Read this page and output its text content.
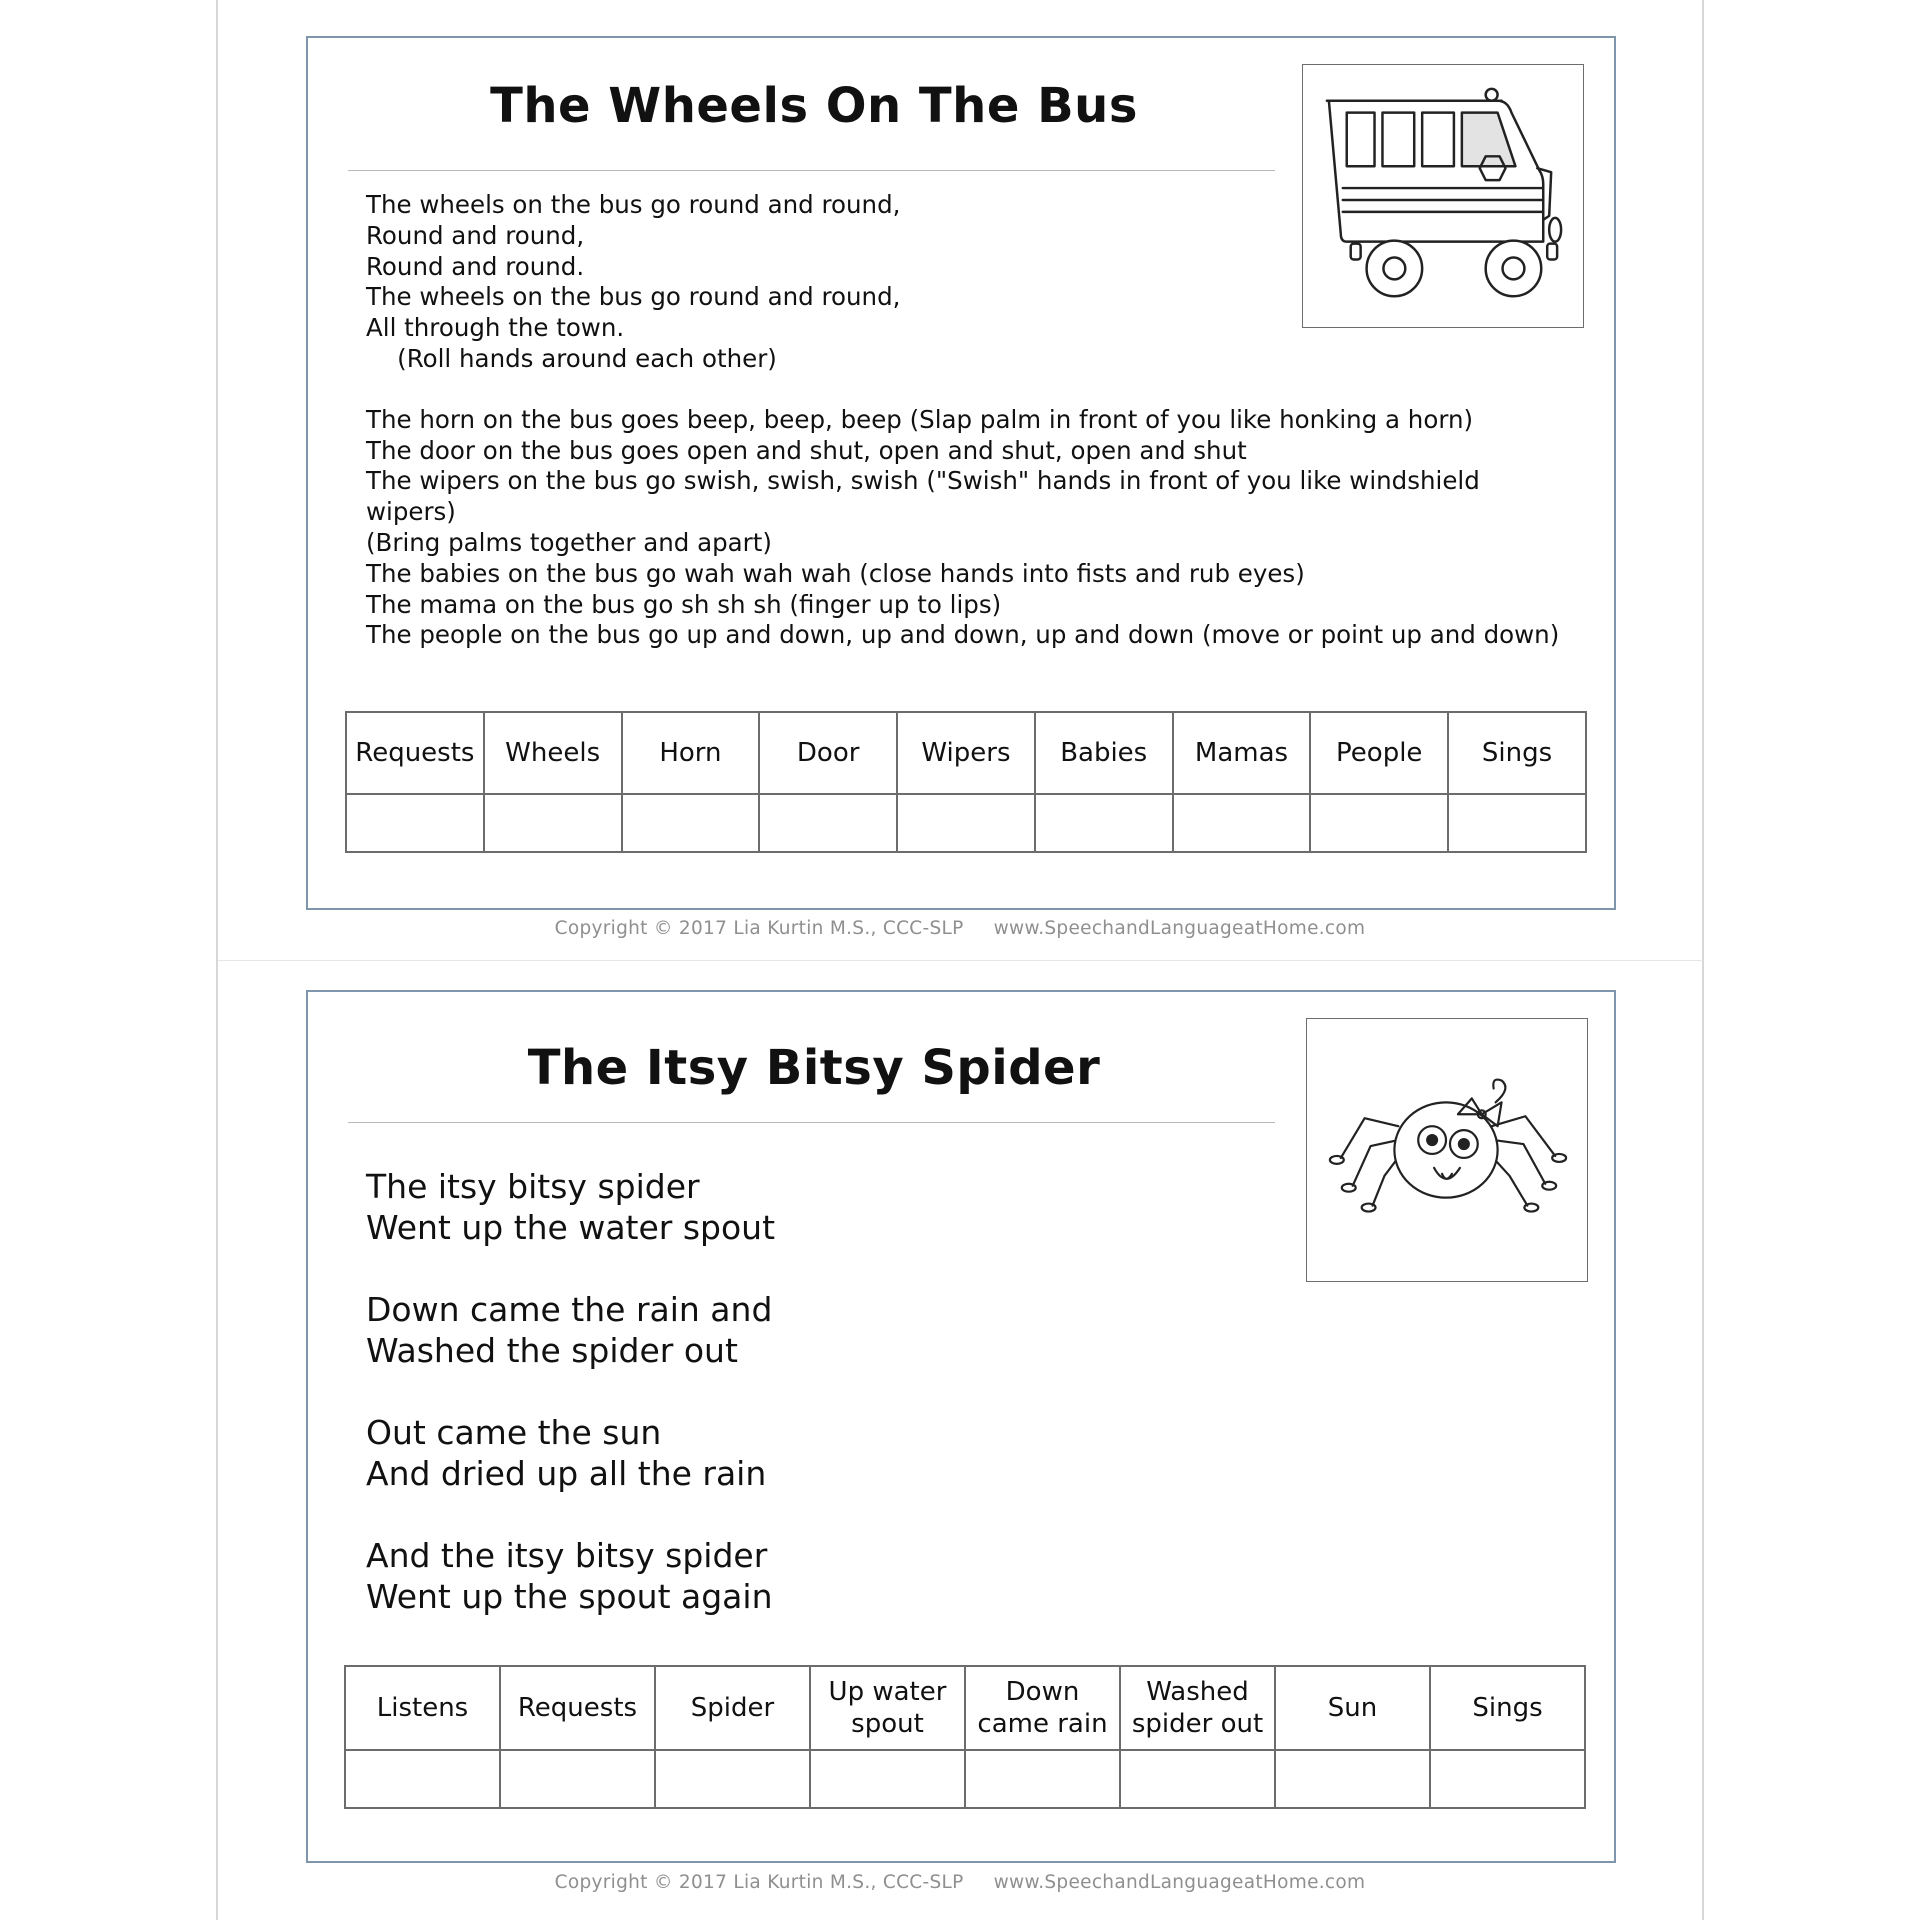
The Wheels On The Bus
The wheels on the bus go round and round,
Round and round,
Round and round.
The wheels on the bus go round and round,
All through the town.
(Roll hands around each other)
The horn on the bus goes beep, beep, beep (Slap palm in front of you like honking a horn)
The door on the bus goes open and shut, open and shut, open and shut
The wipers on the bus go swish, swish, swish ("Swish" hands in front of you like windshield wipers)
(Bring palms together and apart)
The babies on the bus go wah wah wah (close hands into fists and rub eyes)
The mama on the bus go sh sh sh (finger up to lips)
The people on the bus go up and down, up and down, up and down (move or point up and down)
Requests	Wheels	Horn	Door	Wipers	Babies	Mamas	People	Sings

Copyright © 2017 Lia Kurtin M.S., CCC-SLP www.SpeechandLanguageatHome.com
The Itsy Bitsy Spider
The itsy bitsy spider
Went up the water spout
Down came the rain and
Washed the spider out
Out came the sun
And dried up all the rain
And the itsy bitsy spider
Went up the spout again
Listens	Requests	Spider	Up water spout	Down came rain	Washed spider out	Sun	Sings

Copyright © 2017 Lia Kurtin M.S., CCC-SLP www.SpeechandLanguageatHome.com
